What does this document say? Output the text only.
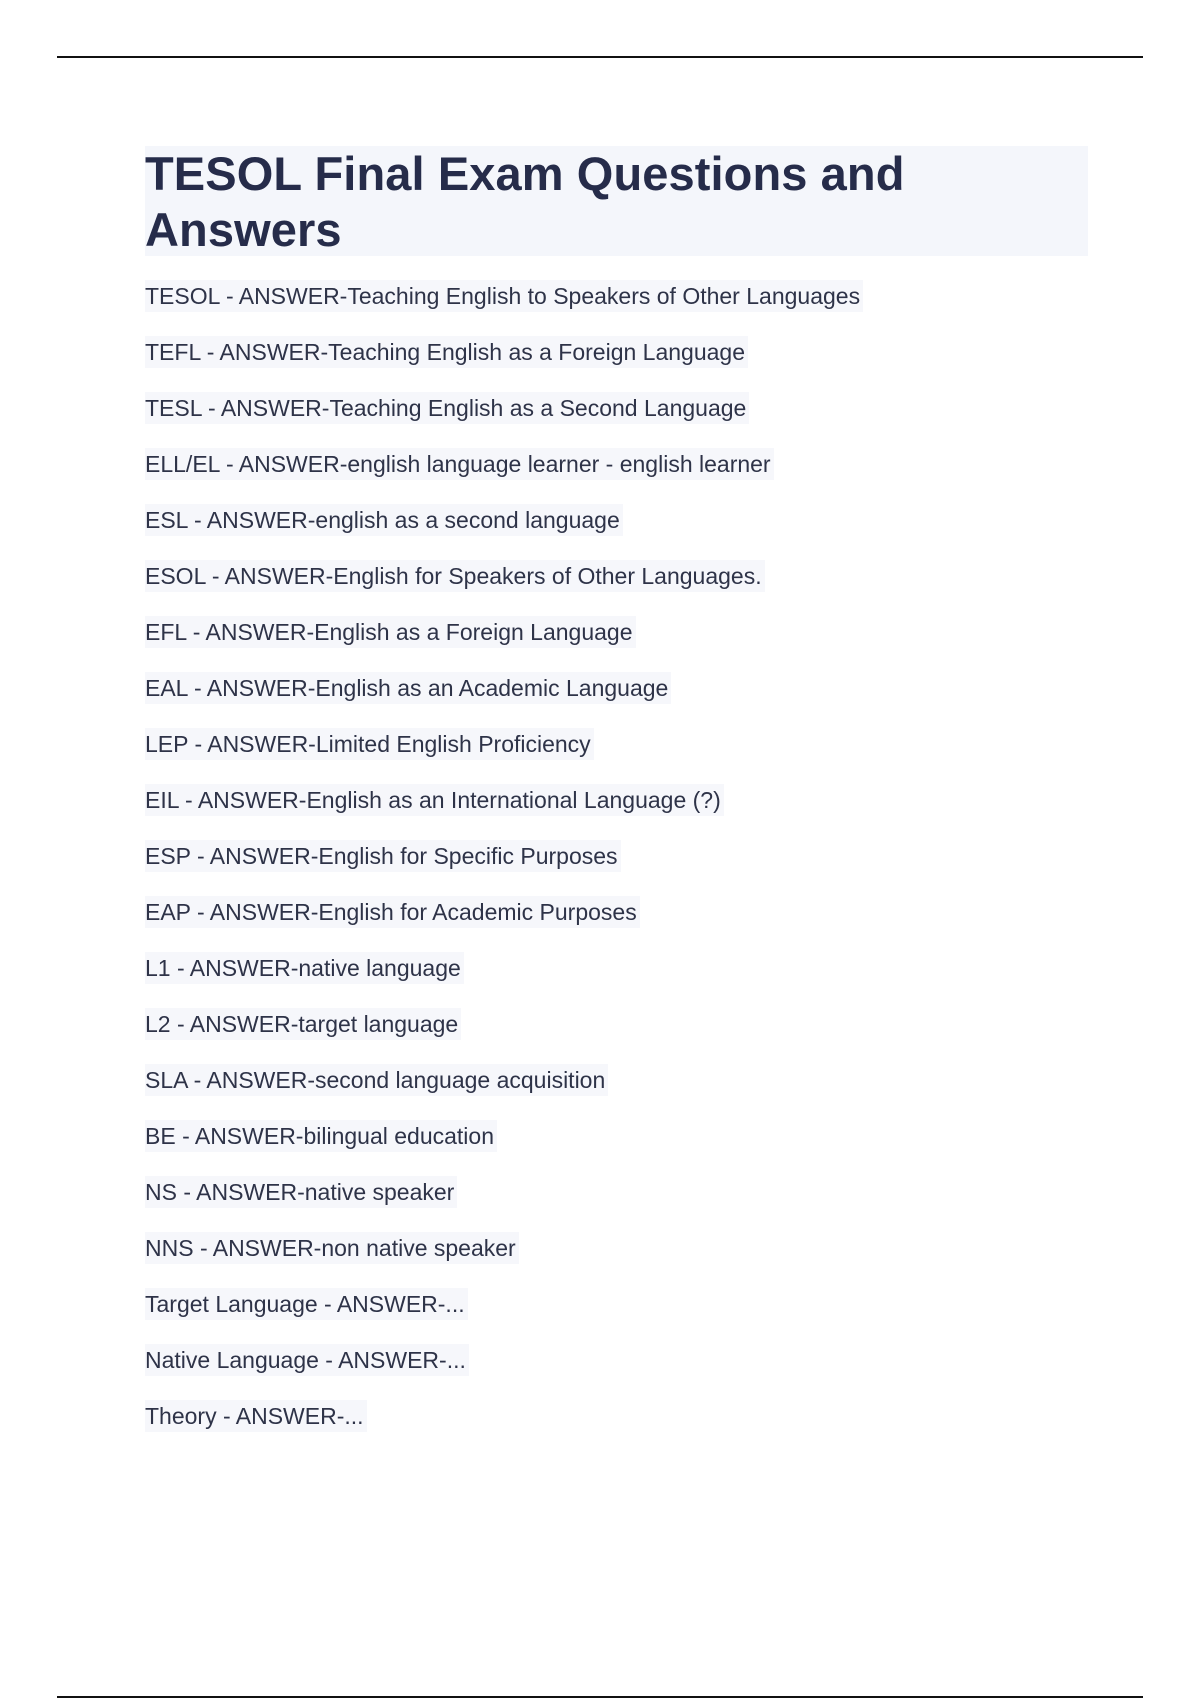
TESOL Final Exam Questions and Answers
TESOL - ANSWER-Teaching English to Speakers of Other Languages
TEFL - ANSWER-Teaching English as a Foreign Language
TESL - ANSWER-Teaching English as a Second Language
ELL/EL - ANSWER-english language learner - english learner
ESL - ANSWER-english as a second language
ESOL - ANSWER-English for Speakers of Other Languages.
EFL - ANSWER-English as a Foreign Language
EAL - ANSWER-English as an Academic Language
LEP - ANSWER-Limited English Proficiency
EIL - ANSWER-English as an International Language (?)
ESP - ANSWER-English for Specific Purposes
EAP - ANSWER-English for Academic Purposes
L1 - ANSWER-native language
L2 - ANSWER-target language
SLA - ANSWER-second language acquisition
BE - ANSWER-bilingual education
NS - ANSWER-native speaker
NNS - ANSWER-non native speaker
Target Language - ANSWER-...
Native Language - ANSWER-...
Theory - ANSWER-...
